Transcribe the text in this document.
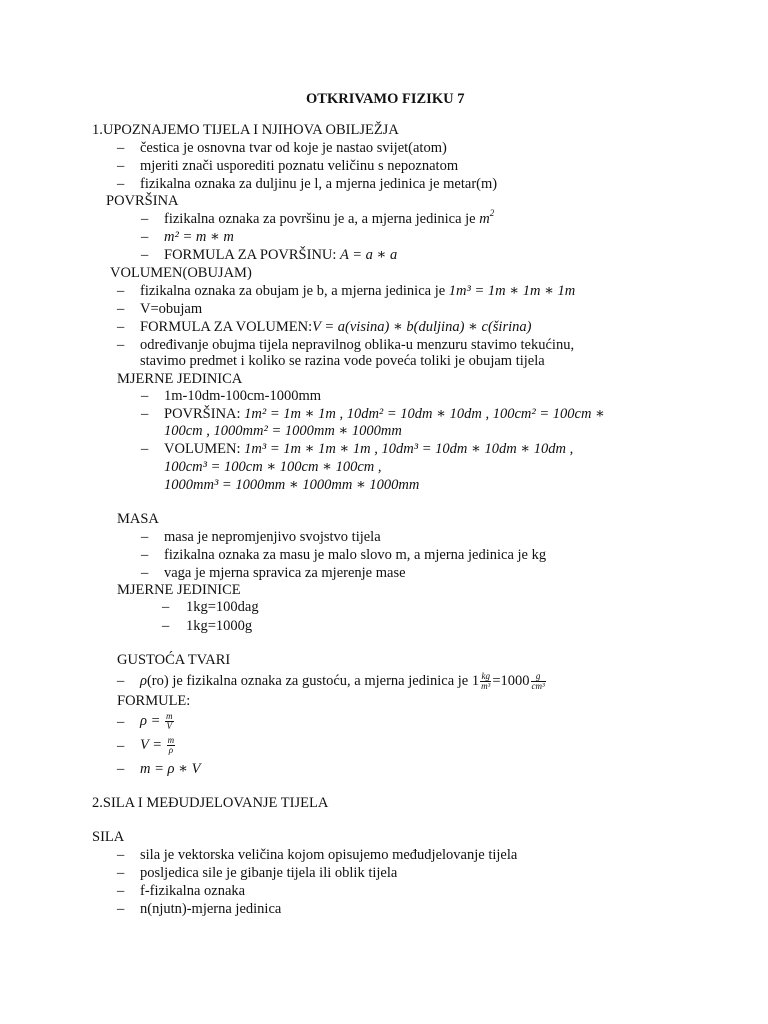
OTKRIVAMO FIZIKU 7
1.UPOZNAJEMO TIJELA I NJIHOVA OBILJEŽJA
– čestica je osnovna tvar od koje je nastao svijet(atom)
– mjeriti znači usporediti poznatu veličinu s nepoznatom
– fizikalna oznaka za duljinu je l, a mjerna jedinica je metar(m)
POVRŠINA
– fizikalna oznaka za površinu je a, a mjerna jedinica je $m^2$
– m² = m ∗ m
– FORMULA ZA POVRŠINU: A = a ∗ a
VOLUMEN(OBUJAM)
– fizikalna oznaka za obujam je b, a mjerna jedinica je 1m³ = 1m ∗ 1m ∗ 1m
– V=obujam
– FORMULA ZA VOLUMEN:V = a(visina) ∗ b(duljina) ∗ c(širina)
– određivanje obujma tijela nepravilnog oblika-u menzuru stavimo tekućinu,
stavimo predmet i koliko se razina vode poveća toliki je obujam tijela
MJERNE JEDINICA
– 1m-10dm-100cm-1000mm
– POVRŠINA: 1m² = 1m ∗ 1m , 10dm² = 10dm ∗ 10dm , 100cm² = 100cm ∗
100cm , 1000mm² = 1000mm ∗ 1000mm
– VOLUMEN: 1m³ = 1m ∗ 1m ∗ 1m , 10dm³ = 10dm ∗ 10dm ∗ 10dm ,
100cm³ = 100cm ∗ 100cm ∗ 100cm ,
1000mm³ = 1000mm ∗ 1000mm ∗ 1000mm
MASA
– masa je nepromjenjivo svojstvo tijela
– fizikalna oznaka za masu je malo slovo m, a mjerna jedinica je kg
– vaga je mjerna spravica za mjerenje mase
MJERNE JEDINICE
– 1kg=100dag
– 1kg=1000g
GUSTOĆA TVARI
– ρ(ro) je fizikalna oznaka za gustoću, a mjerna jedinica je $1 \frac{kg}{\text{m³}} =1000 \frac{g}{\text{cm³}}$
FORMULE:
– $\rho = \frac{m}{V}$
– $V = \frac{m}{\rho}$
– m = ρ ∗ V
2.SILA I MEĐUDJELOVANJE TIJELA
SILA
– sila je vektorska veličina kojom opisujemo međudjelovanje tijela
– posljedica sile je gibanje tijela ili oblik tijela
– f-fizikalna oznaka
– n(njutn)-mjerna jedinica
